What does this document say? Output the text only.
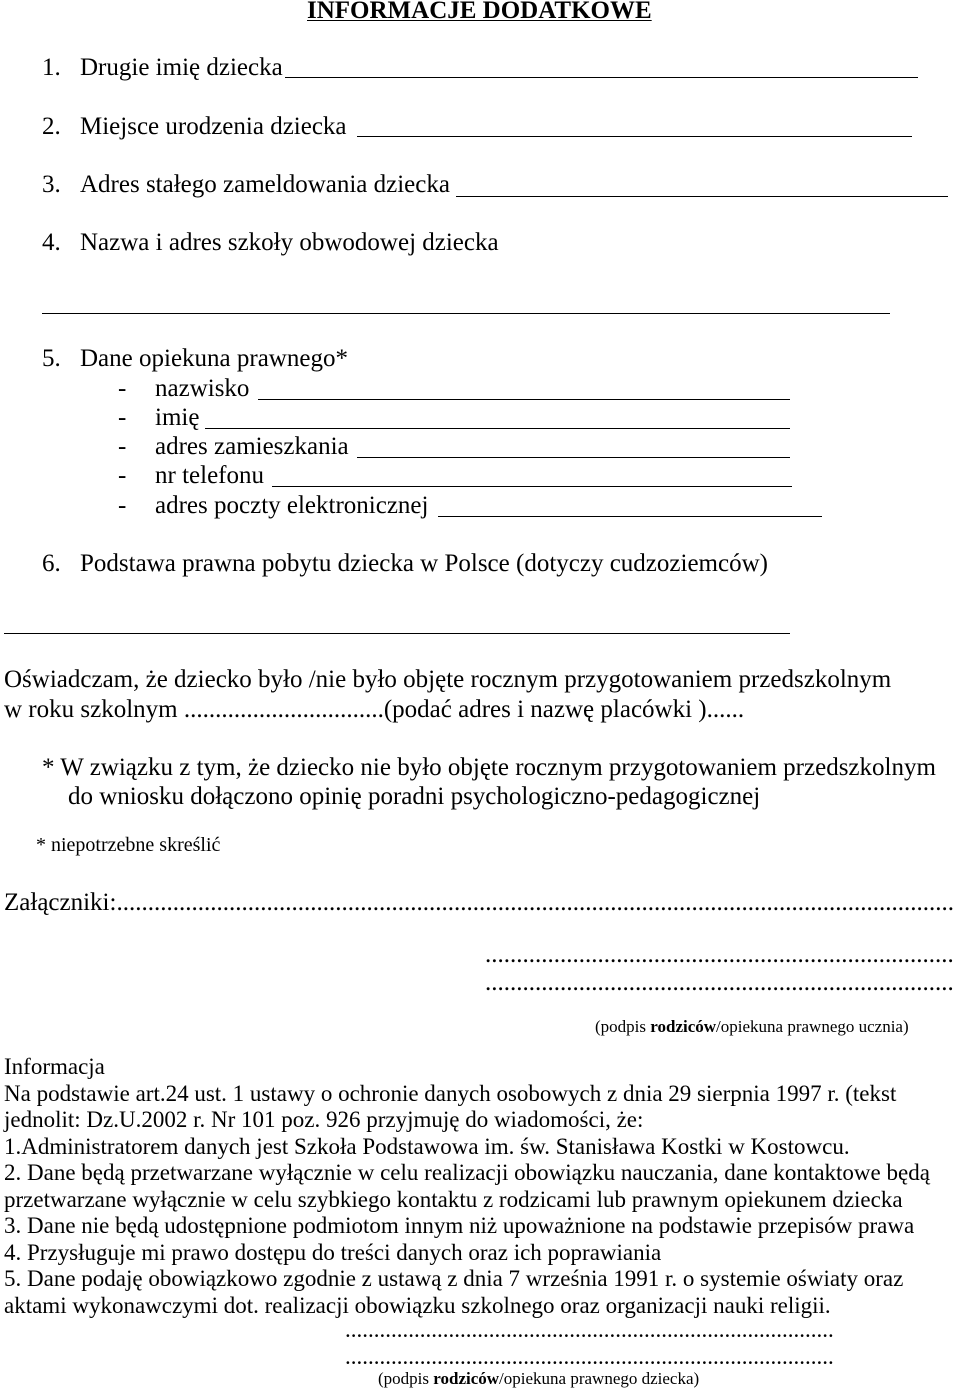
INFORMACJE DODATKOWE
1. Drugie imię dziecka
2. Miejsce urodzenia dziecka
3. Adres stałego zameldowania dziecka
4. Nazwa i adres szkoły obwodowej dziecka
5. Dane opiekuna prawnego*
- nazwisko
- imię
- adres zamieszkania
- nr telefonu
- adres poczty elektronicznej
6. Podstawa prawna pobytu dziecka w Polsce (dotyczy cudzoziemców)
Oświadczam, że dziecko było /nie było objęte rocznym przygotowaniem przedszkolnym
w roku szkolnym ................................(podać adres i nazwę placówki )......
* W związku z tym, że dziecko nie było objęte rocznym przygotowaniem przedszkolnym
do wniosku dołączono opinię poradni psychologiczno-pedagogicznej
* niepotrzebne skreślić
Załączniki:......................................................................................................................................
...........................................................................
...........................................................................
(podpis rodziców/opiekuna prawnego ucznia)
Informacja
Na podstawie art.24 ust. 1 ustawy o ochronie danych osobowych z dnia 29 sierpnia 1997 r. (tekst
jednolit: Dz.U.2002 r. Nr 101 poz. 926 przyjmuję do wiadomości, że:
1.Administratorem danych jest Szkoła Podstawowa im. św. Stanisława Kostki w Kostowcu.
2. Dane będą przetwarzane wyłącznie w celu realizacji obowiązku nauczania, dane kontaktowe będą
przetwarzane wyłącznie w celu szybkiego kontaktu z rodzicami lub prawnym opiekunem dziecka
3. Dane nie będą udostępnione podmiotom innym niż upoważnione na podstawie przepisów prawa
4. Przysługuje mi prawo dostępu do treści danych oraz ich poprawiania
5. Dane podaję obowiązkowo zgodnie z ustawą z dnia 7 września 1991 r. o systemie oświaty oraz
aktami wykonawczymi dot. realizacji obowiązku szkolnego oraz organizacji nauki religii.
.....................................................................................
.....................................................................................
(podpis rodziców/opiekuna prawnego dziecka)
